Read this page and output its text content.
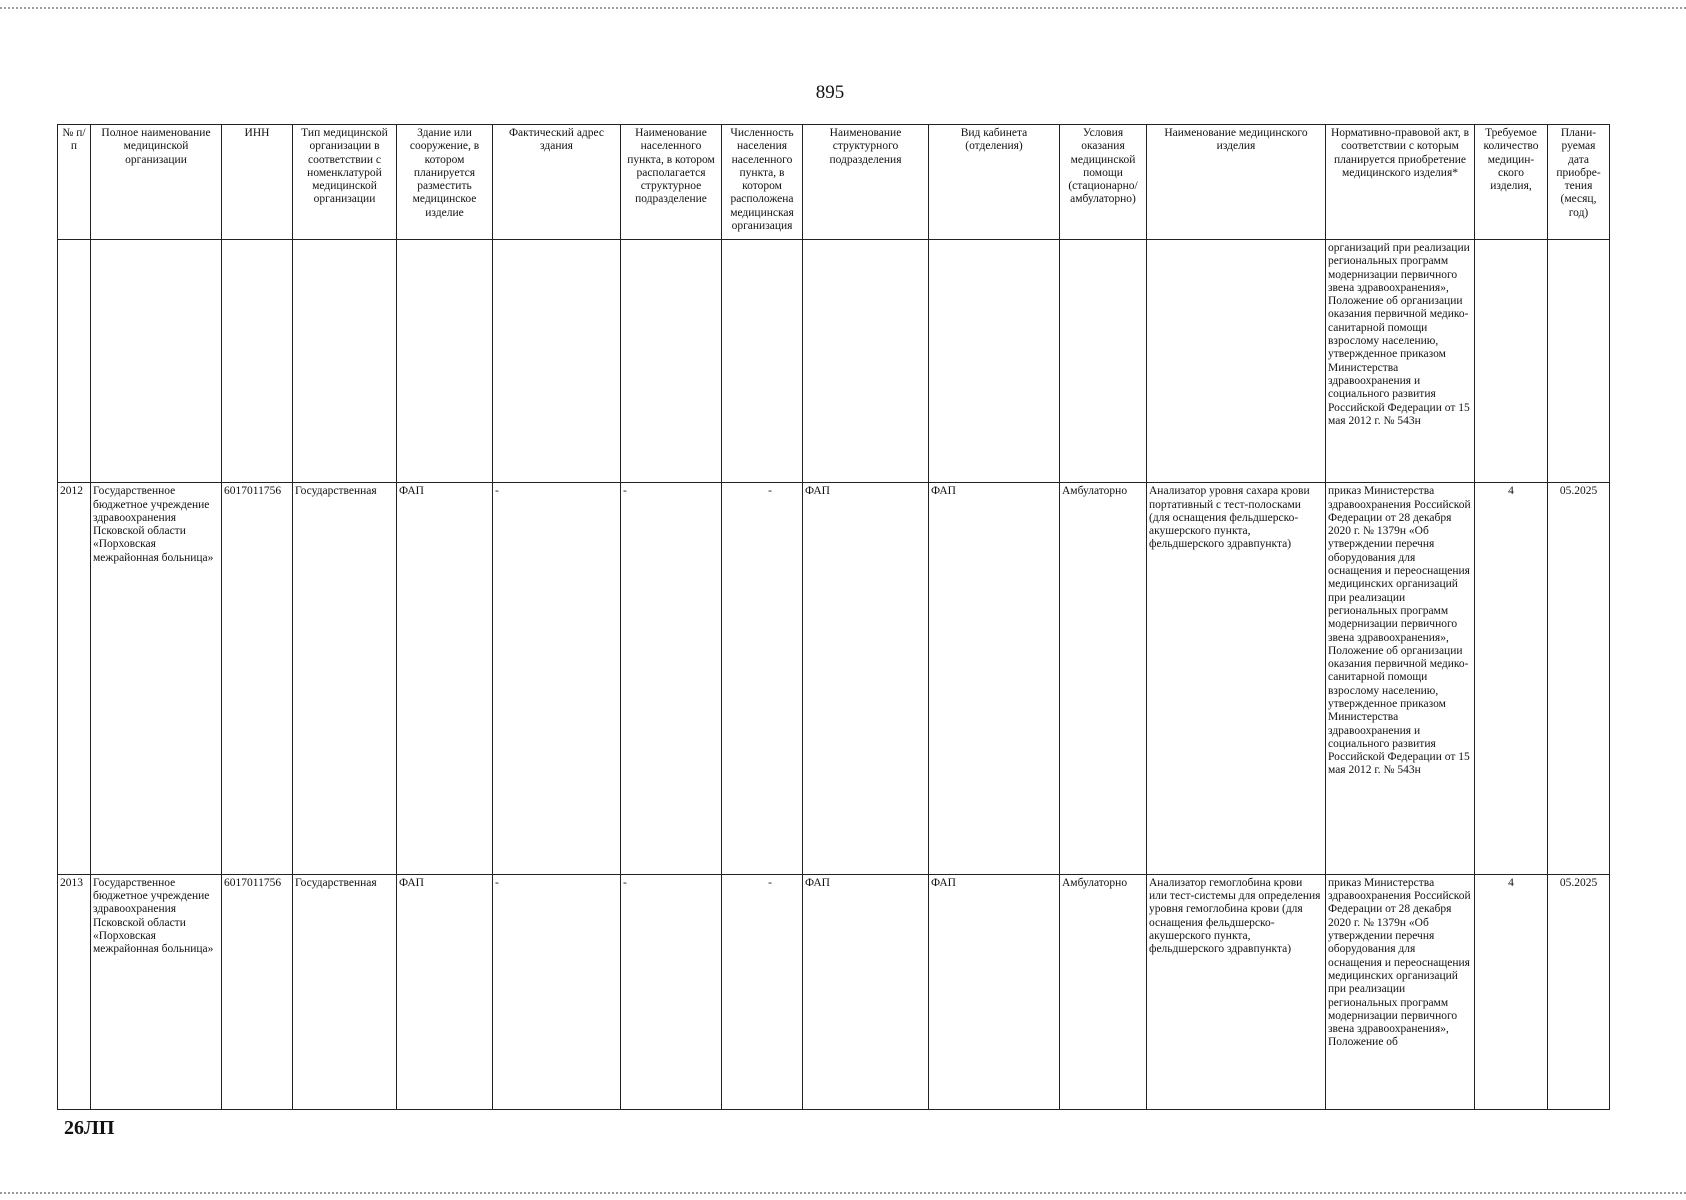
895
№ п/п	Полное наименование медицинской организации	ИНН	Тип медицинской организации в соответствии с номенклатурой медицинской организации	Здание или сооружение, в котором планируется разместить медицинское изделие	Фактический адрес здания	Наименование населенного пункта, в котором располагается структурное подразделение	Численность населения населенного пункта, в котором расположена медицинская организация	Наименование структурного подразделения	Вид кабинета (отделения)	Условия оказания медицинской помощи (стационарно/ амбулаторно)	Наименование медицинского изделия	Нормативно-правовой акт, в соответствии с которым планируется приобретение медицинского изделия*	Требуемое количество медицин-ского изделия,	Плани-руемая дата приобре-тения (месяц, год)
												организаций при реализации региональных программ модернизации первичного звена здравоохранения», Положение об организации оказания первичной медико-санитарной помощи взрослому населению, утвержденное приказом Министерства здравоохранения и социального развития Российской Федерации от 15 мая 2012 г. № 543н		
2012	Государственное бюджетное учреждение здравоохранения Псковской области «Порховская межрайонная больница»	6017011756	Государственная	ФАП	-	-	-	ФАП	ФАП	Амбулаторно	Анализатор уровня сахара крови портативный с тест-полосками (для оснащения фельдшерско-акушерского пункта, фельдшерского здравпункта)	приказ Министерства здравоохранения Российской Федерации от 28 декабря 2020 г. № 1379н «Об утверждении перечня оборудования для оснащения и переоснащения медицинских организаций при реализации региональных программ модернизации первичного звена здравоохранения», Положение об организации оказания первичной медико-санитарной помощи взрослому населению, утвержденное приказом Министерства здравоохранения и социального развития Российской Федерации от 15 мая 2012 г. № 543н	4	05.2025
2013	Государственное бюджетное учреждение здравоохранения Псковской области «Порховская межрайонная больница»	6017011756	Государственная	ФАП	-	-	-	ФАП	ФАП	Амбулаторно	Анализатор гемоглобина крови или тест-системы для определения уровня гемоглобина крови (для оснащения фельдшерско-акушерского пункта, фельдшерского здравпункта)	приказ Министерства здравоохранения Российской Федерации от 28 декабря 2020 г. № 1379н «Об утверждении перечня оборудования для оснащения и переоснащения медицинских организаций при реализации региональных программ модернизации первичного звена здравоохранения», Положение об	4	05.2025
26ЛП
